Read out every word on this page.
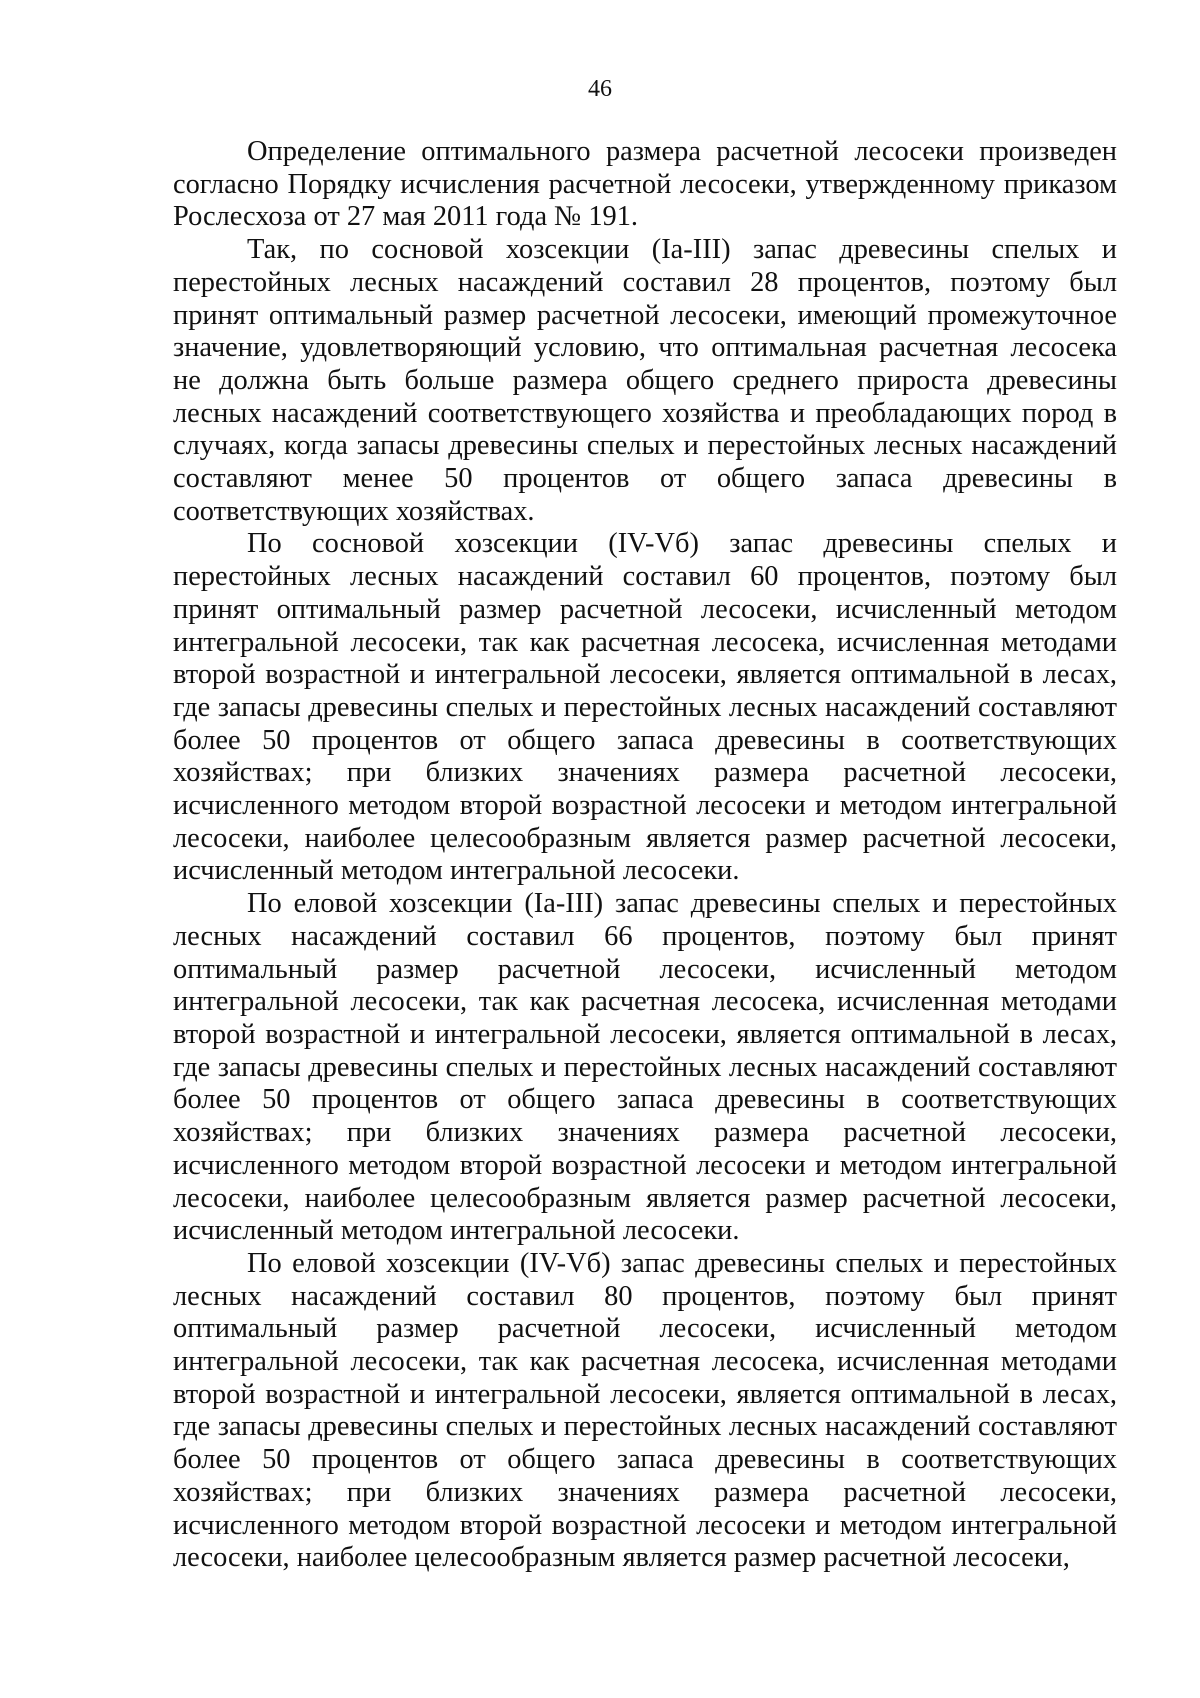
46

Определение оптимального размера расчетной лесосеки произведен согласно Порядку исчисления расчетной лесосеки, утвержденному приказом Рослесхоза от 27 мая 2011 года № 191.

Так, по сосновой хозсекции (Iа-III) запас древесины спелых и перестойных лесных насаждений составил 28 процентов, поэтому был принят оптимальный размер расчетной лесосеки, имеющий промежуточное значение, удовлетворяющий условию, что оптимальная расчетная лесосека не должна быть больше размера общего среднего прироста древесины лесных насаждений соответствующего хозяйства и преобладающих пород в случаях, когда запасы древесины спелых и перестойных лесных насаждений составляют менее 50 процентов от общего запаса древесины в соответствующих хозяйствах.

По сосновой хозсекции (IV-Vб) запас древесины спелых и перестойных лесных насаждений составил 60 процентов, поэтому был принят оптимальный размер расчетной лесосеки, исчисленный методом интегральной лесосеки, так как расчетная лесосека, исчисленная методами второй возрастной и интегральной лесосеки, является оптимальной в лесах, где запасы древесины спелых и перестойных лесных насаждений составляют более 50 процентов от общего запаса древесины в соответствующих хозяйствах; при близких значениях размера расчетной лесосеки, исчисленного методом второй возрастной лесосеки и методом интегральной лесосеки, наиболее целесообразным является размер расчетной лесосеки, исчисленный методом интегральной лесосеки.

По еловой хозсекции (Iа-III) запас древесины спелых и перестойных лесных насаждений составил 66 процентов, поэтому был принят оптимальный размер расчетной лесосеки, исчисленный методом интегральной лесосеки, так как расчетная лесосека, исчисленная методами второй возрастной и интегральной лесосеки, является оптимальной в лесах, где запасы древесины спелых и перестойных лесных насаждений составляют более 50 процентов от общего запаса древесины в соответствующих хозяйствах; при близких значениях размера расчетной лесосеки, исчисленного методом второй возрастной лесосеки и методом интегральной лесосеки, наиболее целесообразным является размер расчетной лесосеки, исчисленный методом интегральной лесосеки.

По еловой хозсекции (IV-Vб) запас древесины спелых и перестойных лесных насаждений составил 80 процентов, поэтому был принят оптимальный размер расчетной лесосеки, исчисленный методом интегральной лесосеки, так как расчетная лесосека, исчисленная методами второй возрастной и интегральной лесосеки, является оптимальной в лесах, где запасы древесины спелых и перестойных лесных насаждений составляют более 50 процентов от общего запаса древесины в соответствующих хозяйствах; при близких значениях размера расчетной лесосеки, исчисленного методом второй возрастной лесосеки и методом интегральной лесосеки, наиболее целесообразным является размер расчетной лесосеки,
